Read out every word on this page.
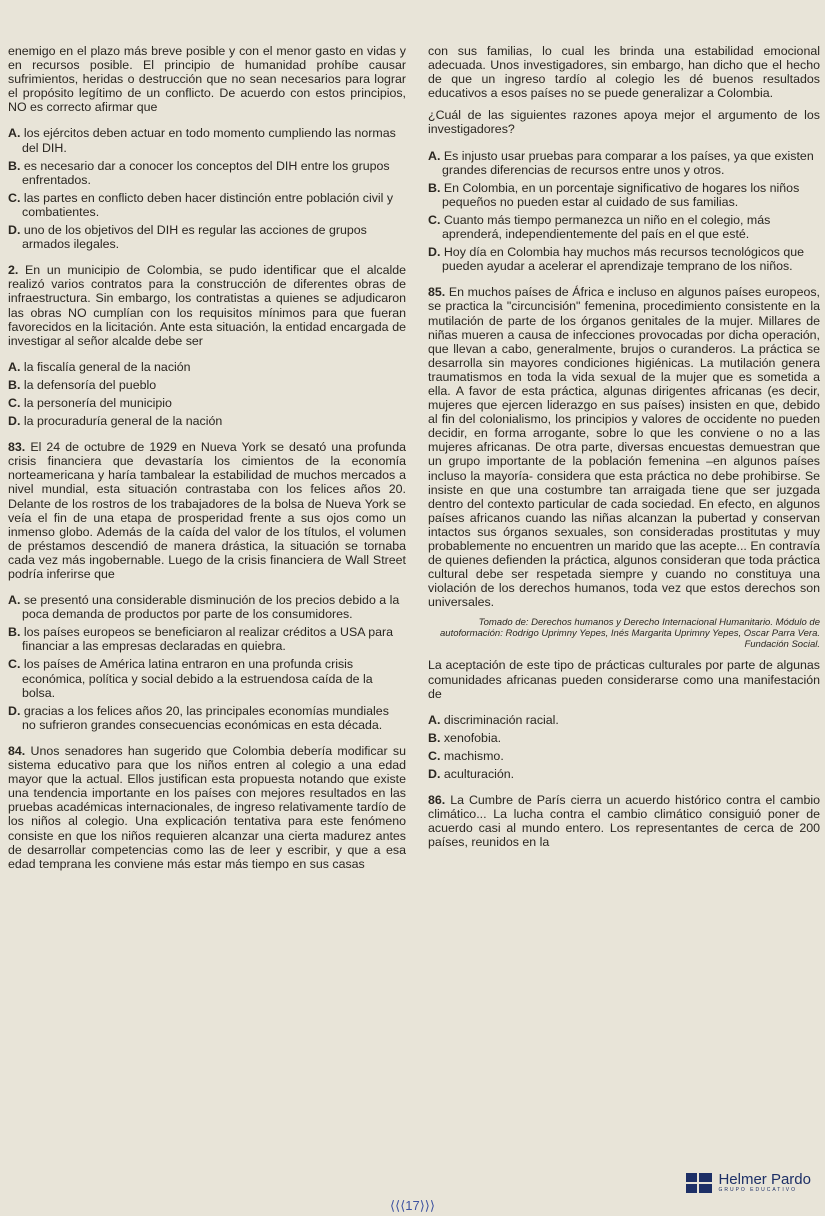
enemigo en el plazo más breve posible y con el menor gasto en vidas y en recursos posible. El principio de humanidad prohíbe causar sufrimientos, heridas o destrucción que no sean necesarios para lograr el propósito legítimo de un conflicto. De acuerdo con estos principios, NO es correcto afirmar que

A. los ejércitos deben actuar en todo momento cumpliendo las normas del DIH.

B. es necesario dar a conocer los conceptos del DIH entre los grupos enfrentados.

C. las partes en conflicto deben hacer distinción entre población civil y combatientes.

D. uno de los objetivos del DIH es regular las acciones de grupos armados ilegales.

2. En un municipio de Colombia, se pudo identificar que el alcalde realizó varios contratos para la construcción de diferentes obras de infraestructura. Sin embargo, los contratistas a quienes se adjudicaron las obras NO cumplían con los requisitos mínimos para que fueran favorecidos en la licitación. Ante esta situación, la entidad encargada de investigar al señor alcalde debe ser

A. la fiscalía general de la nación

B. la defensoría del pueblo

C. la personería del municipio

D. la procuraduría general de la nación

83. El 24 de octubre de 1929 en Nueva York se desató una profunda crisis financiera que devastaría los cimientos de la economía norteamericana y haría tambalear la estabilidad de muchos mercados a nivel mundial, esta situación contrastaba con los felices años 20. Delante de los rostros de los trabajadores de la bolsa de Nueva York se veía el fin de una etapa de prosperidad frente a sus ojos como un inmenso globo. Además de la caída del valor de los títulos, el volumen de préstamos descendió de manera drástica, la situación se tornaba cada vez más ingobernable. Luego de la crisis financiera de Wall Street podría inferirse que

A. se presentó una considerable disminución de los precios debido a la poca demanda de productos por parte de los consumidores.

B. los países europeos se beneficiaron al realizar créditos a USA para financiar a las empresas declaradas en quiebra.

C. los países de América latina entraron en una profunda crisis económica, política y social debido a la estruendosa caída de la bolsa.

D. gracias a los felices años 20, las principales economías mundiales no sufrieron grandes consecuencias económicas en esta década.

84. Unos senadores han sugerido que Colombia debería modificar su sistema educativo para que los niños entren al colegio a una edad mayor que la actual. Ellos justifican esta propuesta notando que existe una tendencia importante en los países con mejores resultados en las pruebas académicas internacionales, de ingreso relativamente tardío de los niños al colegio. Una explicación tentativa para este fenómeno consiste en que los niños requieren alcanzar una cierta madurez antes de desarrollar competencias como las de leer y escribir, y que a esa edad temprana les conviene más estar más tiempo en sus casas

con sus familias, lo cual les brinda una estabilidad emocional adecuada. Unos investigadores, sin embargo, han dicho que el hecho de que un ingreso tardío al colegio les dé buenos resultados educativos a esos países no se puede generalizar a Colombia.

¿Cuál de las siguientes razones apoya mejor el argumento de los investigadores?

A. Es injusto usar pruebas para comparar a los países, ya que existen grandes diferencias de recursos entre unos y otros.

B. En Colombia, en un porcentaje significativo de hogares los niños pequeños no pueden estar al cuidado de sus familias.

C. Cuanto más tiempo permanezca un niño en el colegio, más aprenderá, independientemente del país en el que esté.

D. Hoy día en Colombia hay muchos más recursos tecnológicos que pueden ayudar a acelerar el aprendizaje temprano de los niños.

85. En muchos países de África e incluso en algunos países europeos, se practica la "circuncisión" femenina, procedimiento consistente en la mutilación de parte de los órganos genitales de la mujer. Millares de niñas mueren a causa de infecciones provocadas por dicha operación, que llevan a cabo, generalmente, brujos o curanderos. La práctica se desarrolla sin mayores condiciones higiénicas. La mutilación genera traumatismos en toda la vida sexual de la mujer que es sometida a ella. A favor de esta práctica, algunas dirigentes africanas (es decir, mujeres que ejercen liderazgo en sus países) insisten en que, debido al fin del colonialismo, los principios y valores de occidente no pueden decidir, en forma arrogante, sobre lo que les conviene o no a las mujeres africanas. De otra parte, diversas encuestas demuestran que un grupo importante de la población femenina –en algunos países incluso la mayoría- considera que esta práctica no debe prohibirse. Se insiste en que una costumbre tan arraigada tiene que ser juzgada dentro del contexto particular de cada sociedad. En efecto, en algunos países africanos cuando las niñas alcanzan la pubertad y conservan intactos sus órganos sexuales, son consideradas prostitutas y muy probablemente no encuentren un marido que las acepte... En contravía de quienes defienden la práctica, algunos consideran que toda práctica cultural debe ser respetada siempre y cuando no constituya una violación de los derechos humanos, toda vez que estos derechos son universales.

Tomado de: Derechos humanos y Derecho Internacional Humanitario. Módulo de autoformación: Rodrigo Uprimny Yepes, Inés Margarita Uprimny Yepes, Oscar Parra Vera. Fundación Social.

La aceptación de este tipo de prácticas culturales por parte de algunas comunidades africanas pueden considerarse como una manifestación de

A. discriminación racial.

B. xenofobia.

C. machismo.

D. aculturación.

86. La Cumbre de París cierra un acuerdo histórico contra el cambio climático... La lucha contra el cambio climático consiguió poner de acuerdo casi al mundo entero. Los representantes de cerca de 200 países, reunidos en la

Helmer Pardo
GRUPO EDUCATIVO
⟨⟨⟨17⟩⟩⟩
